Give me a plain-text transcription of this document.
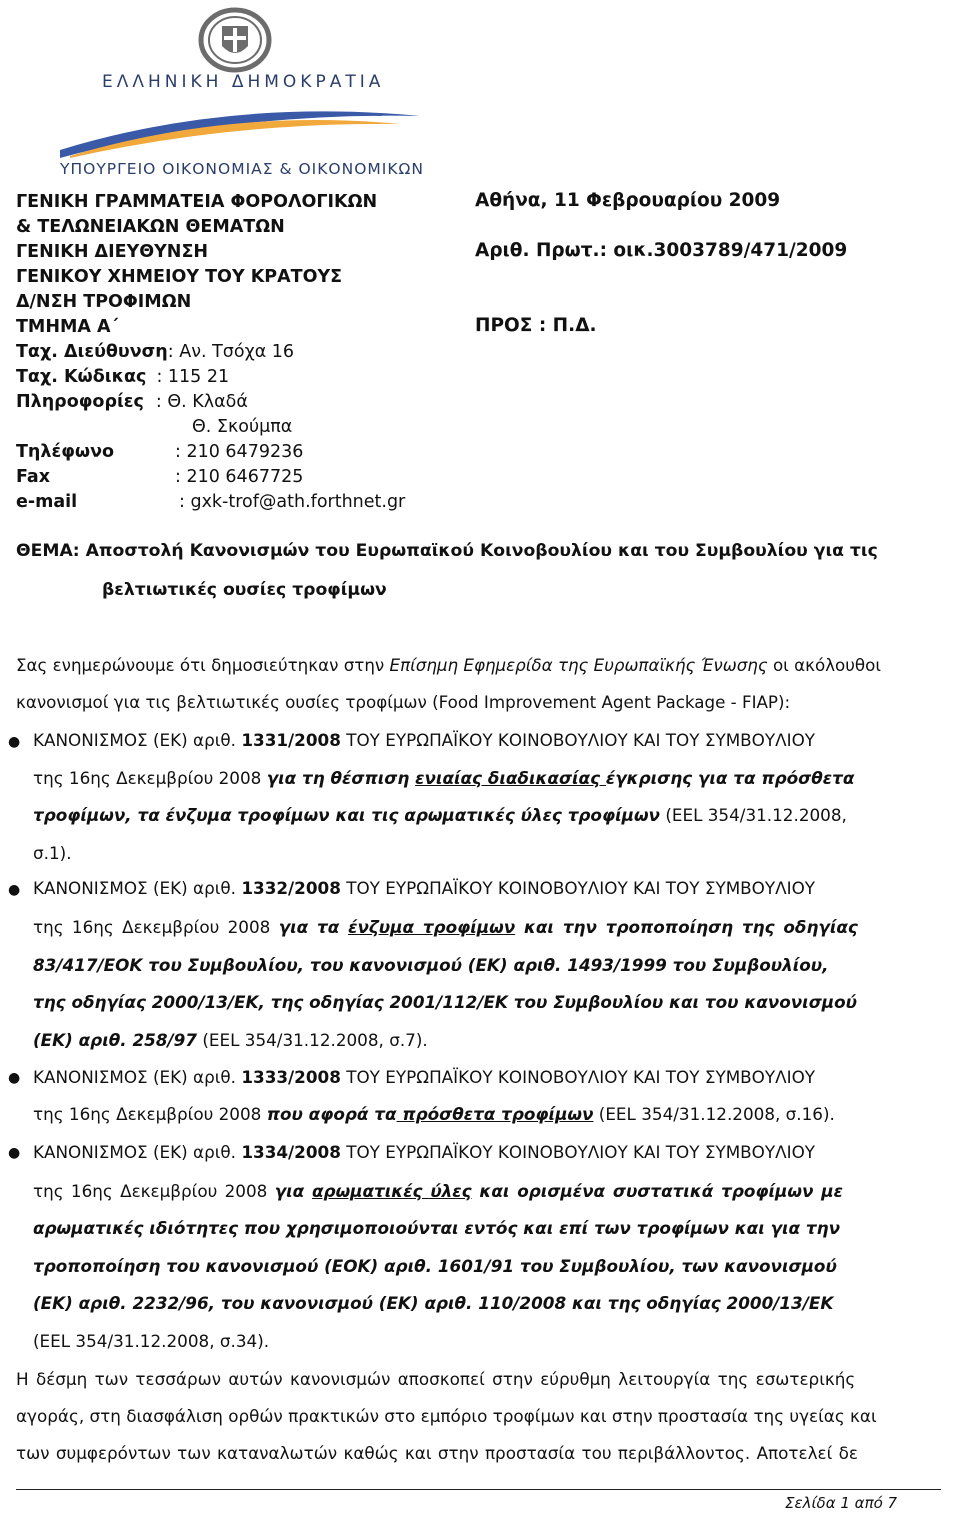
ΕΛΛΗΝΙΚΗ ΔΗΜΟΚΡΑΤΙΑ
ΥΠΟΥΡΓΕΙΟ ΟΙΚΟΝΟΜΙΑΣ & ΟΙΚΟΝΟΜΙΚΩΝ
ΓΕΝΙΚΗ ΓΡΑΜΜΑΤΕΙΑ ΦΟΡΟΛΟΓΙΚΩΝ
& ΤΕΛΩΝΕΙΑΚΩΝ ΘΕΜΑΤΩΝ
ΓΕΝΙΚΗ ΔΙΕΥΘΥΝΣΗ
ΓΕΝΙΚΟΥ ΧΗΜΕΙΟΥ ΤΟΥ ΚΡΑΤΟΥΣ
Δ/ΝΣΗ ΤΡΟΦΙΜΩΝ
ΤΜΗΜΑ Α΄
Ταχ. Διεύθυνση: Αν. Τσόχα 16
Ταχ. Κώδικας : 115 21
Πληροφορίες : Θ. Κλαδά
Θ. Σκούμπα
Τηλέφωνο	: 210 6479236
Fax	: 210 6467725
e-mail	: gxk-trof@ath.forthnet.gr
Αθήνα, 11 Φεβρουαρίου 2009
Αριθ. Πρωτ.: οικ.3003789/471/2009
ΠΡΟΣ : Π.Δ.
ΘΕΜΑ: Αποστολή Κανονισμών του Ευρωπαϊκού Κοινοβουλίου και του Συμβουλίου για τις
βελτιωτικές ουσίες τροφίμων
Σας ενημερώνουμε ότι δημοσιεύτηκαν στην Επίσημη Εφημερίδα της Ευρωπαϊκής Ένωσης οι ακόλουθοι
κανονισμοί για τις βελτιωτικές ουσίες τροφίμων (Food Improvement Agent Package - FIAP):
● ΚΑΝΟΝΙΣΜΟΣ (ΕΚ) αριθ. 1331/2008 ΤΟΥ ΕΥΡΩΠΑΪΚΟΥ ΚΟΙΝΟΒΟΥΛΙΟΥ ΚΑΙ ΤΟΥ ΣΥΜΒΟΥΛΙΟΥ
της 16ης Δεκεμβρίου 2008 για τη θέσπιση ενιαίας διαδικασίας έγκρισης για τα πρόσθετα
τροφίμων, τα ένζυμα τροφίμων και τις αρωματικές ύλες τροφίμων (ΕΕL 354/31.12.2008,
σ.1).
● ΚΑΝΟΝΙΣΜΟΣ (ΕΚ) αριθ. 1332/2008 ΤΟΥ ΕΥΡΩΠΑΪΚΟΥ ΚΟΙΝΟΒΟΥΛΙΟΥ ΚΑΙ ΤΟΥ ΣΥΜΒΟΥΛΙΟΥ
της 16ης Δεκεμβρίου 2008 για τα ένζυμα τροφίμων και την τροποποίηση της οδηγίας
83/417/ΕΟΚ του Συμβουλίου, του κανονισμού (ΕΚ) αριθ. 1493/1999 του Συμβουλίου,
της οδηγίας 2000/13/ΕΚ, της οδηγίας 2001/112/ΕΚ του Συμβουλίου και του κανονισμού
(ΕΚ) αριθ. 258/97 (ΕΕL 354/31.12.2008, σ.7).
● ΚΑΝΟΝΙΣΜΟΣ (ΕΚ) αριθ. 1333/2008 ΤΟΥ ΕΥΡΩΠΑΪΚΟΥ ΚΟΙΝΟΒΟΥΛΙΟΥ ΚΑΙ ΤΟΥ ΣΥΜΒΟΥΛΙΟΥ
της 16ης Δεκεμβρίου 2008 που αφορά τα πρόσθετα τροφίμων (ΕΕL 354/31.12.2008, σ.16).
● ΚΑΝΟΝΙΣΜΟΣ (ΕΚ) αριθ. 1334/2008 ΤΟΥ ΕΥΡΩΠΑΪΚΟΥ ΚΟΙΝΟΒΟΥΛΙΟΥ ΚΑΙ ΤΟΥ ΣΥΜΒΟΥΛΙΟΥ
της 16ης Δεκεμβρίου 2008 για αρωματικές ύλες και ορισμένα συστατικά τροφίμων με
αρωματικές ιδιότητες που χρησιμοποιούνται εντός και επί των τροφίμων και για την
τροποποίηση του κανονισμού (ΕΟΚ) αριθ. 1601/91 του Συμβουλίου, των κανονισμού
(ΕΚ) αριθ. 2232/96, του κανονισμού (ΕΚ) αριθ. 110/2008 και της οδηγίας 2000/13/ΕΚ
(ΕΕL 354/31.12.2008, σ.34).
Η δέσμη των τεσσάρων αυτών κανονισμών αποσκοπεί στην εύρυθμη λειτουργία της εσωτερικής
αγοράς, στη διασφάλιση ορθών πρακτικών στο εμπόριο τροφίμων και στην προστασία της υγείας και
των συμφερόντων των καταναλωτών καθώς και στην προστασία του περιβάλλοντος. Αποτελεί δε
Σελίδα 1 από 7
